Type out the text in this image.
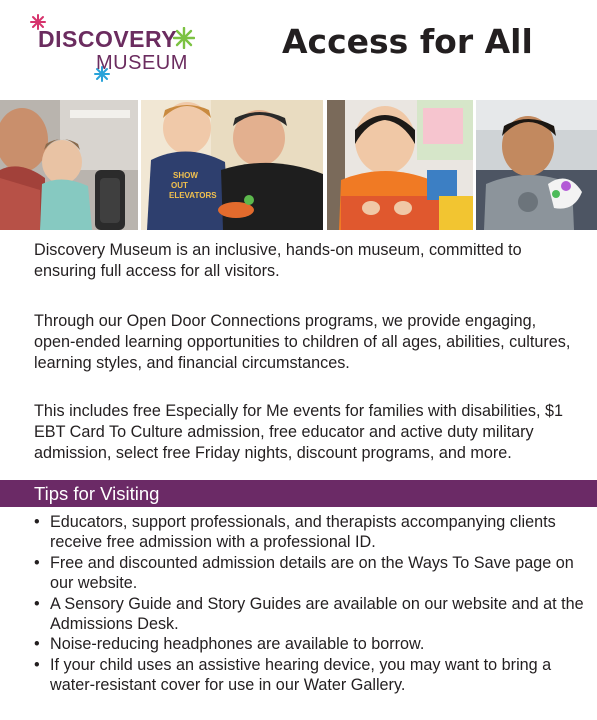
DISCOVERY
MUSEUM
Access for All
SHOW
OUT
ELEVATORS
Discovery Museum is an inclusive, hands-on museum, committed to ensuring full access for all visitors.
Through our Open Door Connections programs, we provide engaging, open-ended learning opportunities to children of all ages, abilities, cultures, learning styles, and financial circumstances.
This includes free Especially for Me events for families with disabilities, $1 EBT Card To Culture admission, free educator and active duty military admission, select free Friday nights, discount programs, and more.
Tips for Visiting
• Educators, support professionals, and therapists accompanying clients receive free admission with a professional ID.
• Free and discounted admission details are on the Ways To Save page on our website.
• A Sensory Guide and Story Guides are available on our website and at the Admissions Desk.
• Noise-reducing headphones are available to borrow.
• If your child uses an assistive hearing device, you may want to bring a water-resistant cover for use in our Water Gallery.
